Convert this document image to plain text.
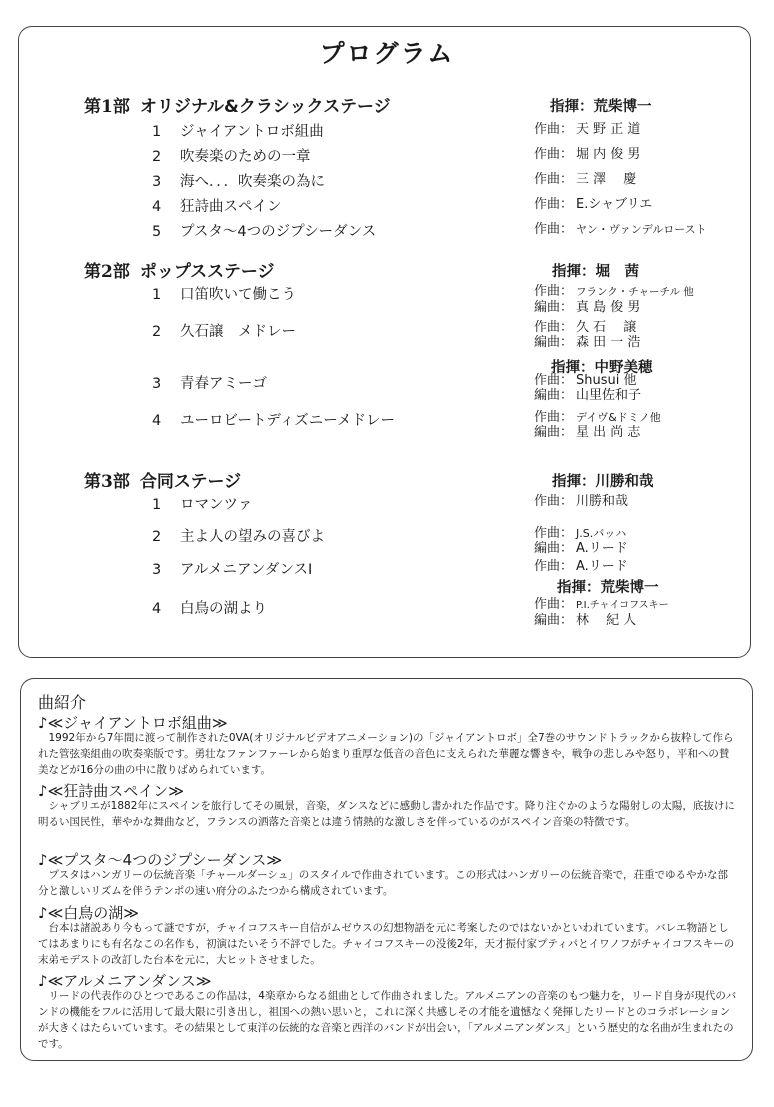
プログラム
第1部 オリジナル&クラシックステージ	指揮：荒柴博一
1 ジャイアントロボ組曲	作曲： 天 野 正 道
2 吹奏楽のための一章	作曲： 堀 内 俊 男
3 海へ．．．吹奏楽の為に	作曲： 三 澤　 慶
4 狂詩曲スペイン	作曲： E.シャブリエ
5 プスタ～4つのジプシーダンス	作曲： ヤン・ヴァンデルロースト
第2部 ポップスステージ	指揮：堀　茜
1 口笛吹いて働こう	作曲： フランク・チャーチル 他
編曲： 真 島 俊 男
2 久石譲　メドレー	作曲： 久 石　 譲
編曲： 森 田 一 浩
指揮：中野美穂
3 青春アミーゴ	作曲： Shusui 他
編曲： 山里佐和子
4 ユーロビートディズニーメドレー	作曲： デイヴ&ドミノ他
編曲： 星 出 尚 志
第3部 合同ステージ	指揮：川勝和哉
1 ロマンツァ	作曲： 川勝和哉
2 主よ人の望みの喜びよ	作曲： J.S.バッハ
編曲： A.リード
3 アルメニアンダンスⅠ	作曲： A.リード
指揮：荒柴博一
4 白鳥の湖より	作曲： P.I.チャイコフスキー
編曲： 林　 紀 人
曲紹介
♪≪ジャイアントロボ組曲≫

1992年から7年間に渡って制作された0VA(オリジナルビデオアニメーション)の「ジャイアントロボ」全7巻のサウンドトラックから抜粋して作られた管弦楽組曲の吹奏楽版です。勇壮なファンファーレから始まり重厚な低音の音色に支えられた華麗な響きや，戦争の悲しみや怒り，平和への賛美などが16分の曲の中に散りばめられています。

♪≪狂詩曲スペイン≫

シャブリエが1882年にスペインを旅行してその風景，音楽，ダンスなどに感動し書かれた作品です。降り注ぐかのような陽射しの太陽，底抜けに明るい国民性，華やかな舞曲など，フランスの洒落た音楽とは違う情熱的な激しさを伴っているのがスペイン音楽の特徴です。

♪≪プスタ～4つのジプシーダンス≫

プスタはハンガリーの伝統音楽「チャールダーシュ」のスタイルで作曲されています。この形式はハンガリーの伝統音楽で，荘重でゆるやかな部分と激しいリズムを伴うテンポの速い府分のふたつから構成されています。

♪≪白鳥の湖≫

台本は諸説あり今もって謎ですが，チャイコフスキー自信がムゼウスの幻想物語を元に考案したのではないかといわれています。バレエ物語としてはあまりにも有名なこの名作も，初演はたいそう不評でした。チャイコフスキーの没後2年，天才振付家プティパとイワノフがチャイコフスキーの末弟モデストの改訂した台本を元に，大ヒットさせました。

♪≪アルメニアンダンス≫

リードの代表作のひとつであるこの作品は，4楽章からなる組曲として作曲されました。アルメニアンの音楽のもつ魅力を，リード自身が現代のバンドの機能をフルに活用して最大限に引き出し，祖国への熱い思いと，これに深く共感しその才能を遺憾なく発揮したリードとのコラボレーションが大きくはたらいています。その結果として東洋の伝統的な音楽と西洋のバンドが出会い，「アルメニアンダンス」という歴史的な名曲が生まれたのです。
